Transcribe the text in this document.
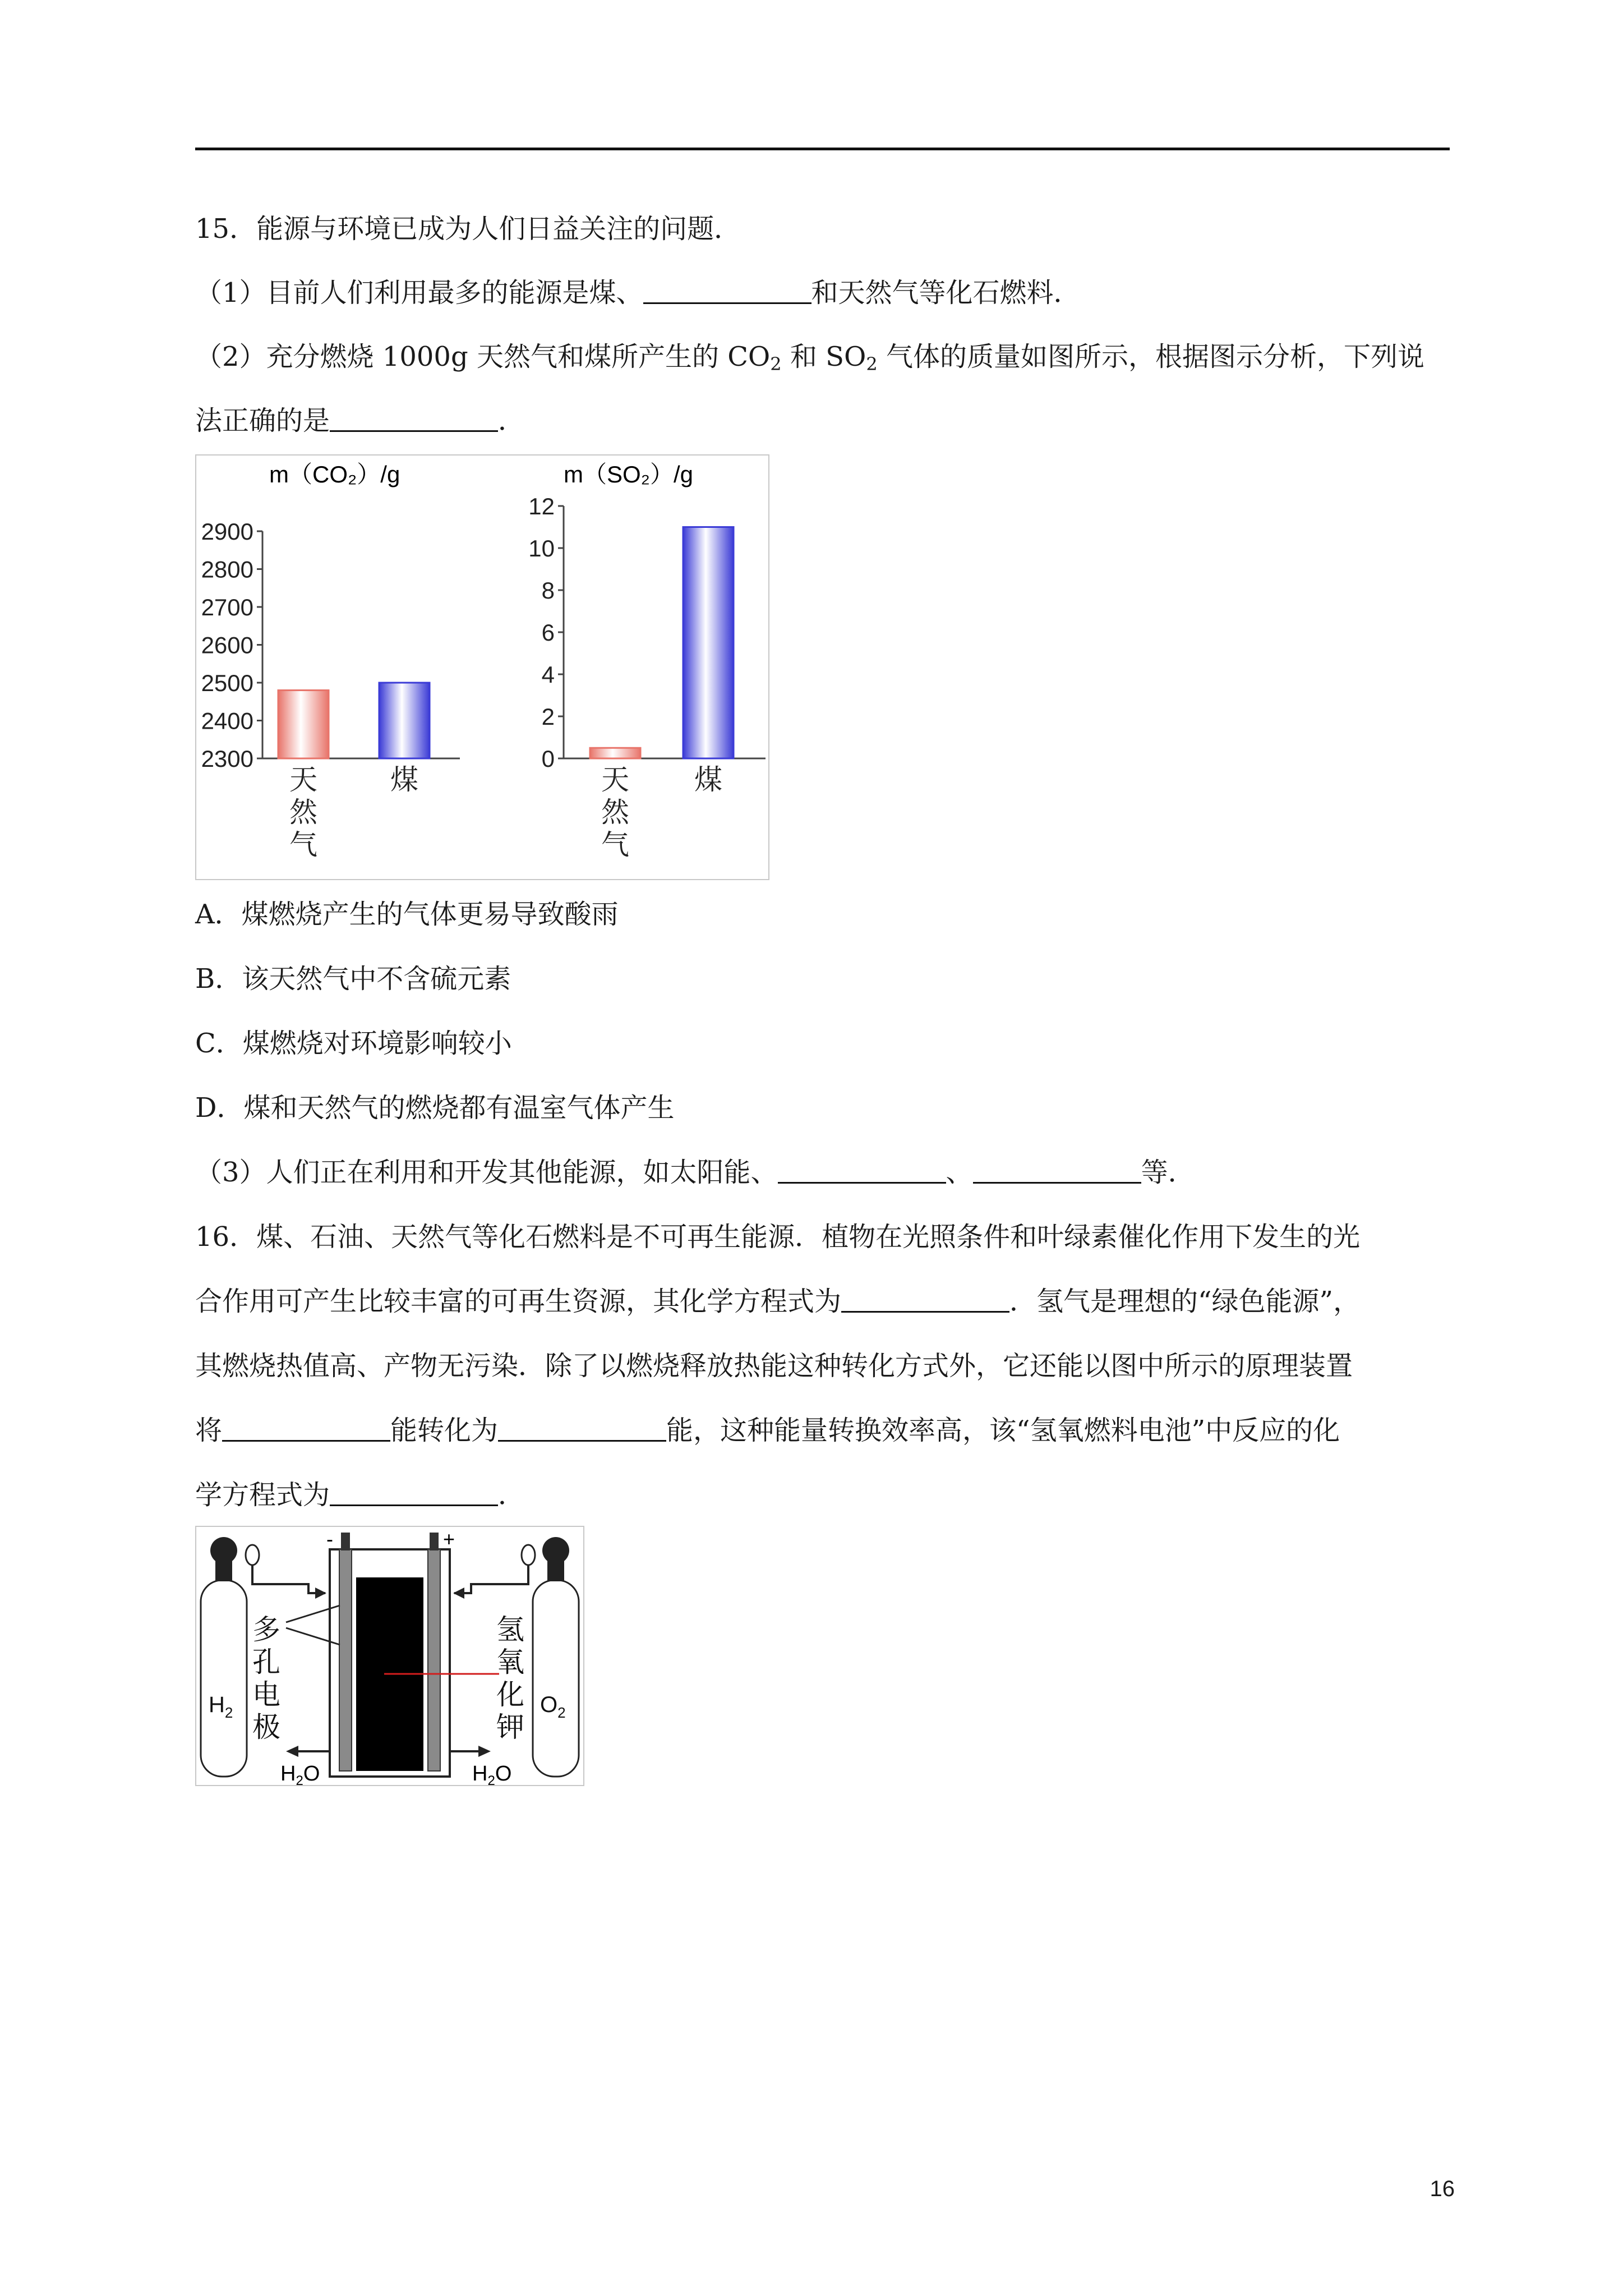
15．能源与环境已成为人们日益关注的问题．
（1）目前人们利用最多的能源是煤、	和天然气等化石燃料．
（2）充分燃烧 1000g 天然气和煤所产生的 $CO_2$ 和 $SO_2$ 气体的质量如图所示，根据图示分析，下列说
法正确的是	．
m（CO₂）/g
2300
2400
2500
2600
2700
2800
2900
天
然
气
煤
m（SO₂）/g
0
2
4
6
8
10
12
天
然
气
煤
A．煤燃烧产生的气体更易导致酸雨
B．该天然气中不含硫元素
C．煤燃烧对环境影响较小
D．煤和天然气的燃烧都有温室气体产生
（3）人们正在利用和开发其他能源，如太阳能、	、	等．
16．煤、石油、天然气等化石燃料是不可再生能源．植物在光照条件和叶绿素催化作用下发生的光
合作用可产生比较丰富的可再生资源，其化学方程式为	．氢气是理想的“绿色能源”，
其燃烧热值高、产物无污染．除了以燃烧释放热能这种转化方式外，它还能以图中所示的原理装置
将	能转化为	能，这种能量转换效率高，该“氢氧燃料电池”中反应的化
学方程式为	．
$H_2$	$O_2$
-	+
多
孔
电
极
氢
氧
化
钾
$H_2O$	$H_2O$
16
